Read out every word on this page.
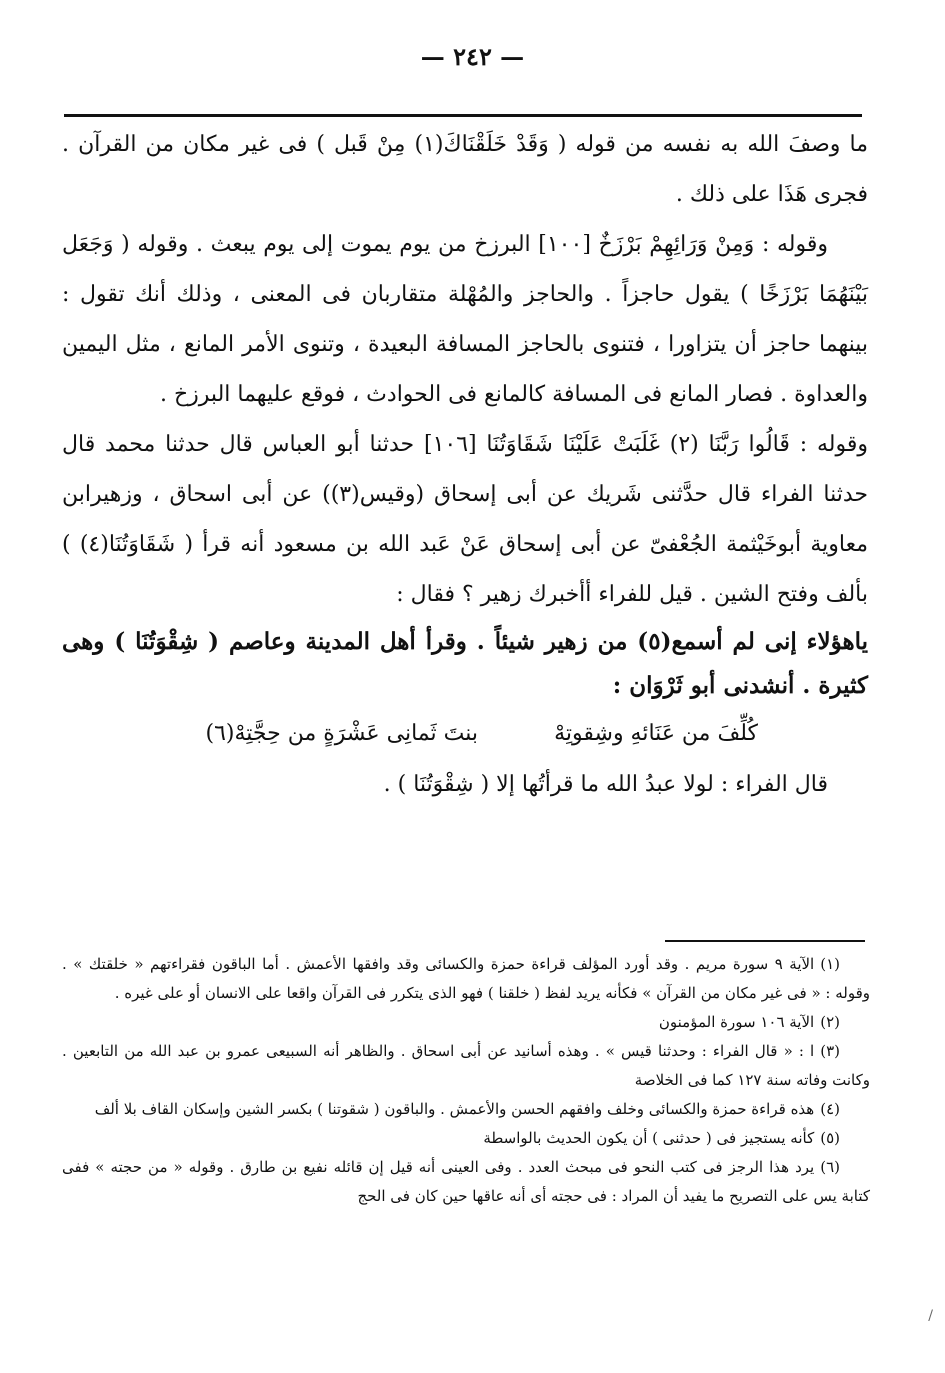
— ٢٤٢ —

ما وصفَ الله به نفسه من قوله ( وَقَدْ خَلَقْنَاكَ(١) مِنْ قَبل ) فى غير مكان من القرآن . فجرى هَذَا على ذلك .

وقوله : وَمِنْ وَرَائِهِمْ بَرْزَخٌ [١٠٠] البرزخ من يوم يموت إلى يوم يبعث . وقوله ( وَجَعَل بَيْنَهُمَا بَرْزَخًا ) يقول حاجزاً . والحاجز والمُهْلة متقاربان فى المعنى ، وذلك أنك تقول : بينهما حاجز أن يتزاورا ، فتنوى بالحاجز المسافة البعيدة ، وتنوى الأمر المانع ، مثل اليمين والعداوة . فصار المانع فى المسافة كالمانع فى الحوادث ، فوقع عليهما البرزخ .

وقوله : قَالُوا رَبَّنَا (٢) غَلَبَتْ عَلَيْنَا شَقَاوَتُنَا [١٠٦] حدثنا أبو العباس قال حدثنا محمد قال حدثنا الفراء قال حدَّثنى شَريك عن أبى إسحاق (وقيس(٣)) عن أبى اسحاق ، وزهيرابن معاوية أبوخَيْثمة الجُعْفىّ عن أبى إسحاق عَنْ عَبد الله بن مسعود أنه قرأ ( شَقَاوَتُنَا(٤) ) بألف وفتح الشين . قيل للفراء أأخبرك زهير ؟ فقال :

ياهؤلاء إنى لم أسمع(٥) من زهير شيئاً . وقرأ أهل المدينة وعاصم ( شِقْوَتُنَا ) وهى كثيرة . أنشدنى أبو ثَرْوَان :

كُلِّفَ من عَنَائهِ وشِقوتِهْ
بنتَ ثَمانِى عَشْرَةٍ من حِجَّتِهْ(٦)

قال الفراء : لولا عبدُ الله ما قرأتُها إلا ( شِقْوَتُنَا ) .

(١)الآية ٩ سورة مريم . وقد أورد المؤلف قراءة حمزة والكسائى وقد وافقها الأعمش . أما الباقون فقراءتهم « خلقتك » . وقوله : « فى غير مكان من القرآن » فكأنه يريد لفظ ( خلقنا ) فهو الذى يتكرر فى القرآن واقعا على الانسان أو على غيره .

(٢)الآية ١٠٦ سورة المؤمنون

(٣)ا : « قال الفراء : وحدثنا قيس » . وهذه أسانيد عن أبى اسحاق . والظاهر أنه السبيعى عمرو بن عبد الله من التابعين . وكانت وفاته سنة ١٢٧ كما فى الخلاصة

(٤)هذه قراءة حمزة والكسائى وخلف وافقهم الحسن والأعمش . والباقون ( شقوتنا ) بكسر الشين وإسكان القاف بلا ألف

(٥)كأنه يستجيز فى ( حدثنى ) أن يكون الحديث بالواسطة

(٦)يرد هذا الرجز فى كتب النحو فى مبحث العدد . وفى العينى أنه قيل إن قائله نفيع بن طارق . وقوله « من حجته » ففى كتابة يس على التصريح ما يفيد أن المراد : فى حجته أى أنه عاقها حين كان فى الحج

/
